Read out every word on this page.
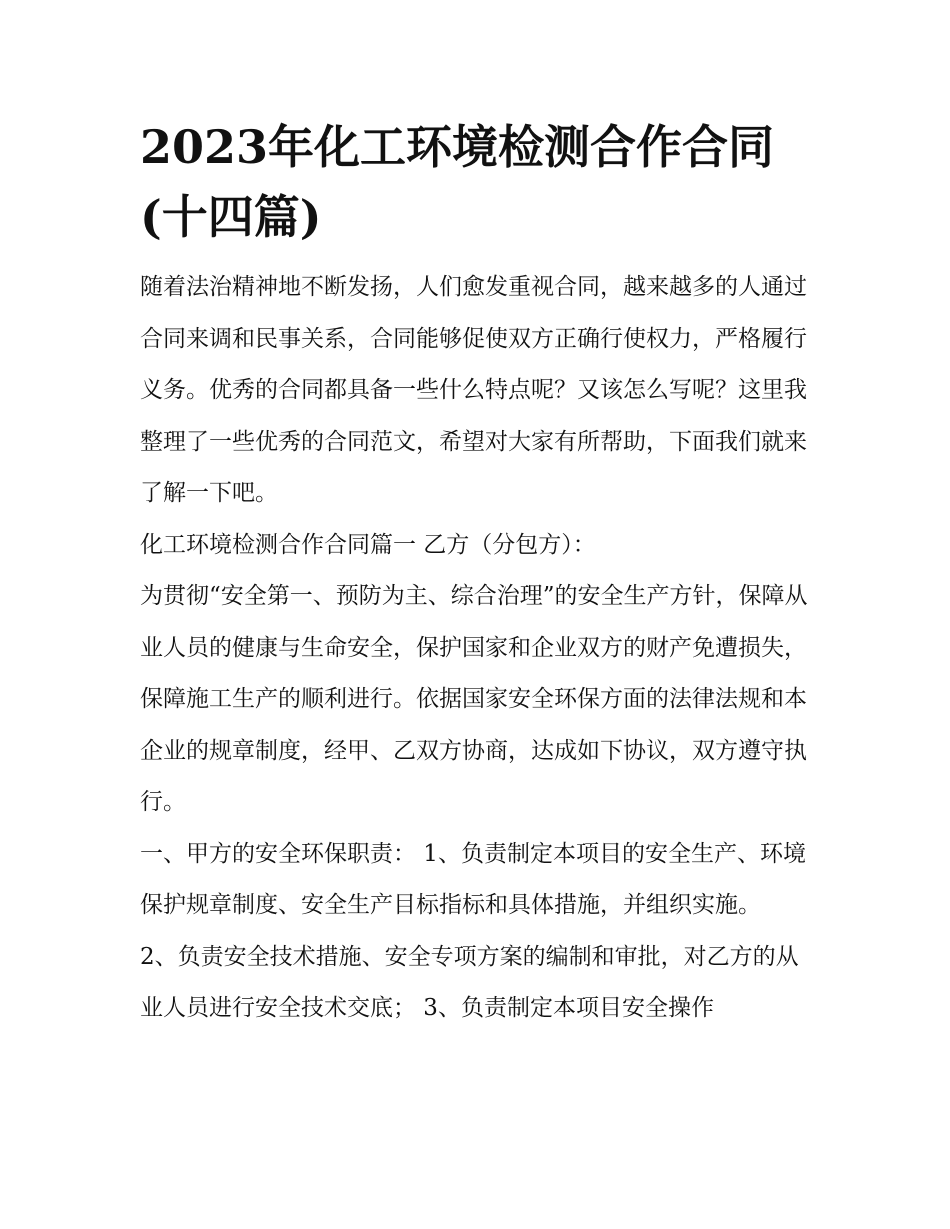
2023年化工环境检测合作合同(十四篇)

随着法治精神地不断发扬，人们愈发重视合同，越来越多的人通过合同来调和民事关系，合同能够促使双方正确行使权力，严格履行义务。优秀的合同都具备一些什么特点呢？又该怎么写呢？这里我整理了一些优秀的合同范文，希望对大家有所帮助，下面我们就来了解一下吧。

化工环境检测合作合同篇一 乙方（分包方）：

为贯彻“安全第一、预防为主、综合治理”的安全生产方针，保障从业人员的健康与生命安全，保护国家和企业双方的财产免遭损失，保障施工生产的顺利进行。依据国家安全环保方面的法律法规和本企业的规章制度，经甲、乙双方协商，达成如下协议，双方遵守执行。

一、甲方的安全环保职责： 1、负责制定本项目的安全生产、环境保护规章制度、安全生产目标指标和具体措施，并组织实施。

2、负责安全技术措施、安全专项方案的编制和审批，对乙方的从业人员进行安全技术交底； 3、负责制定本项目安全操作
